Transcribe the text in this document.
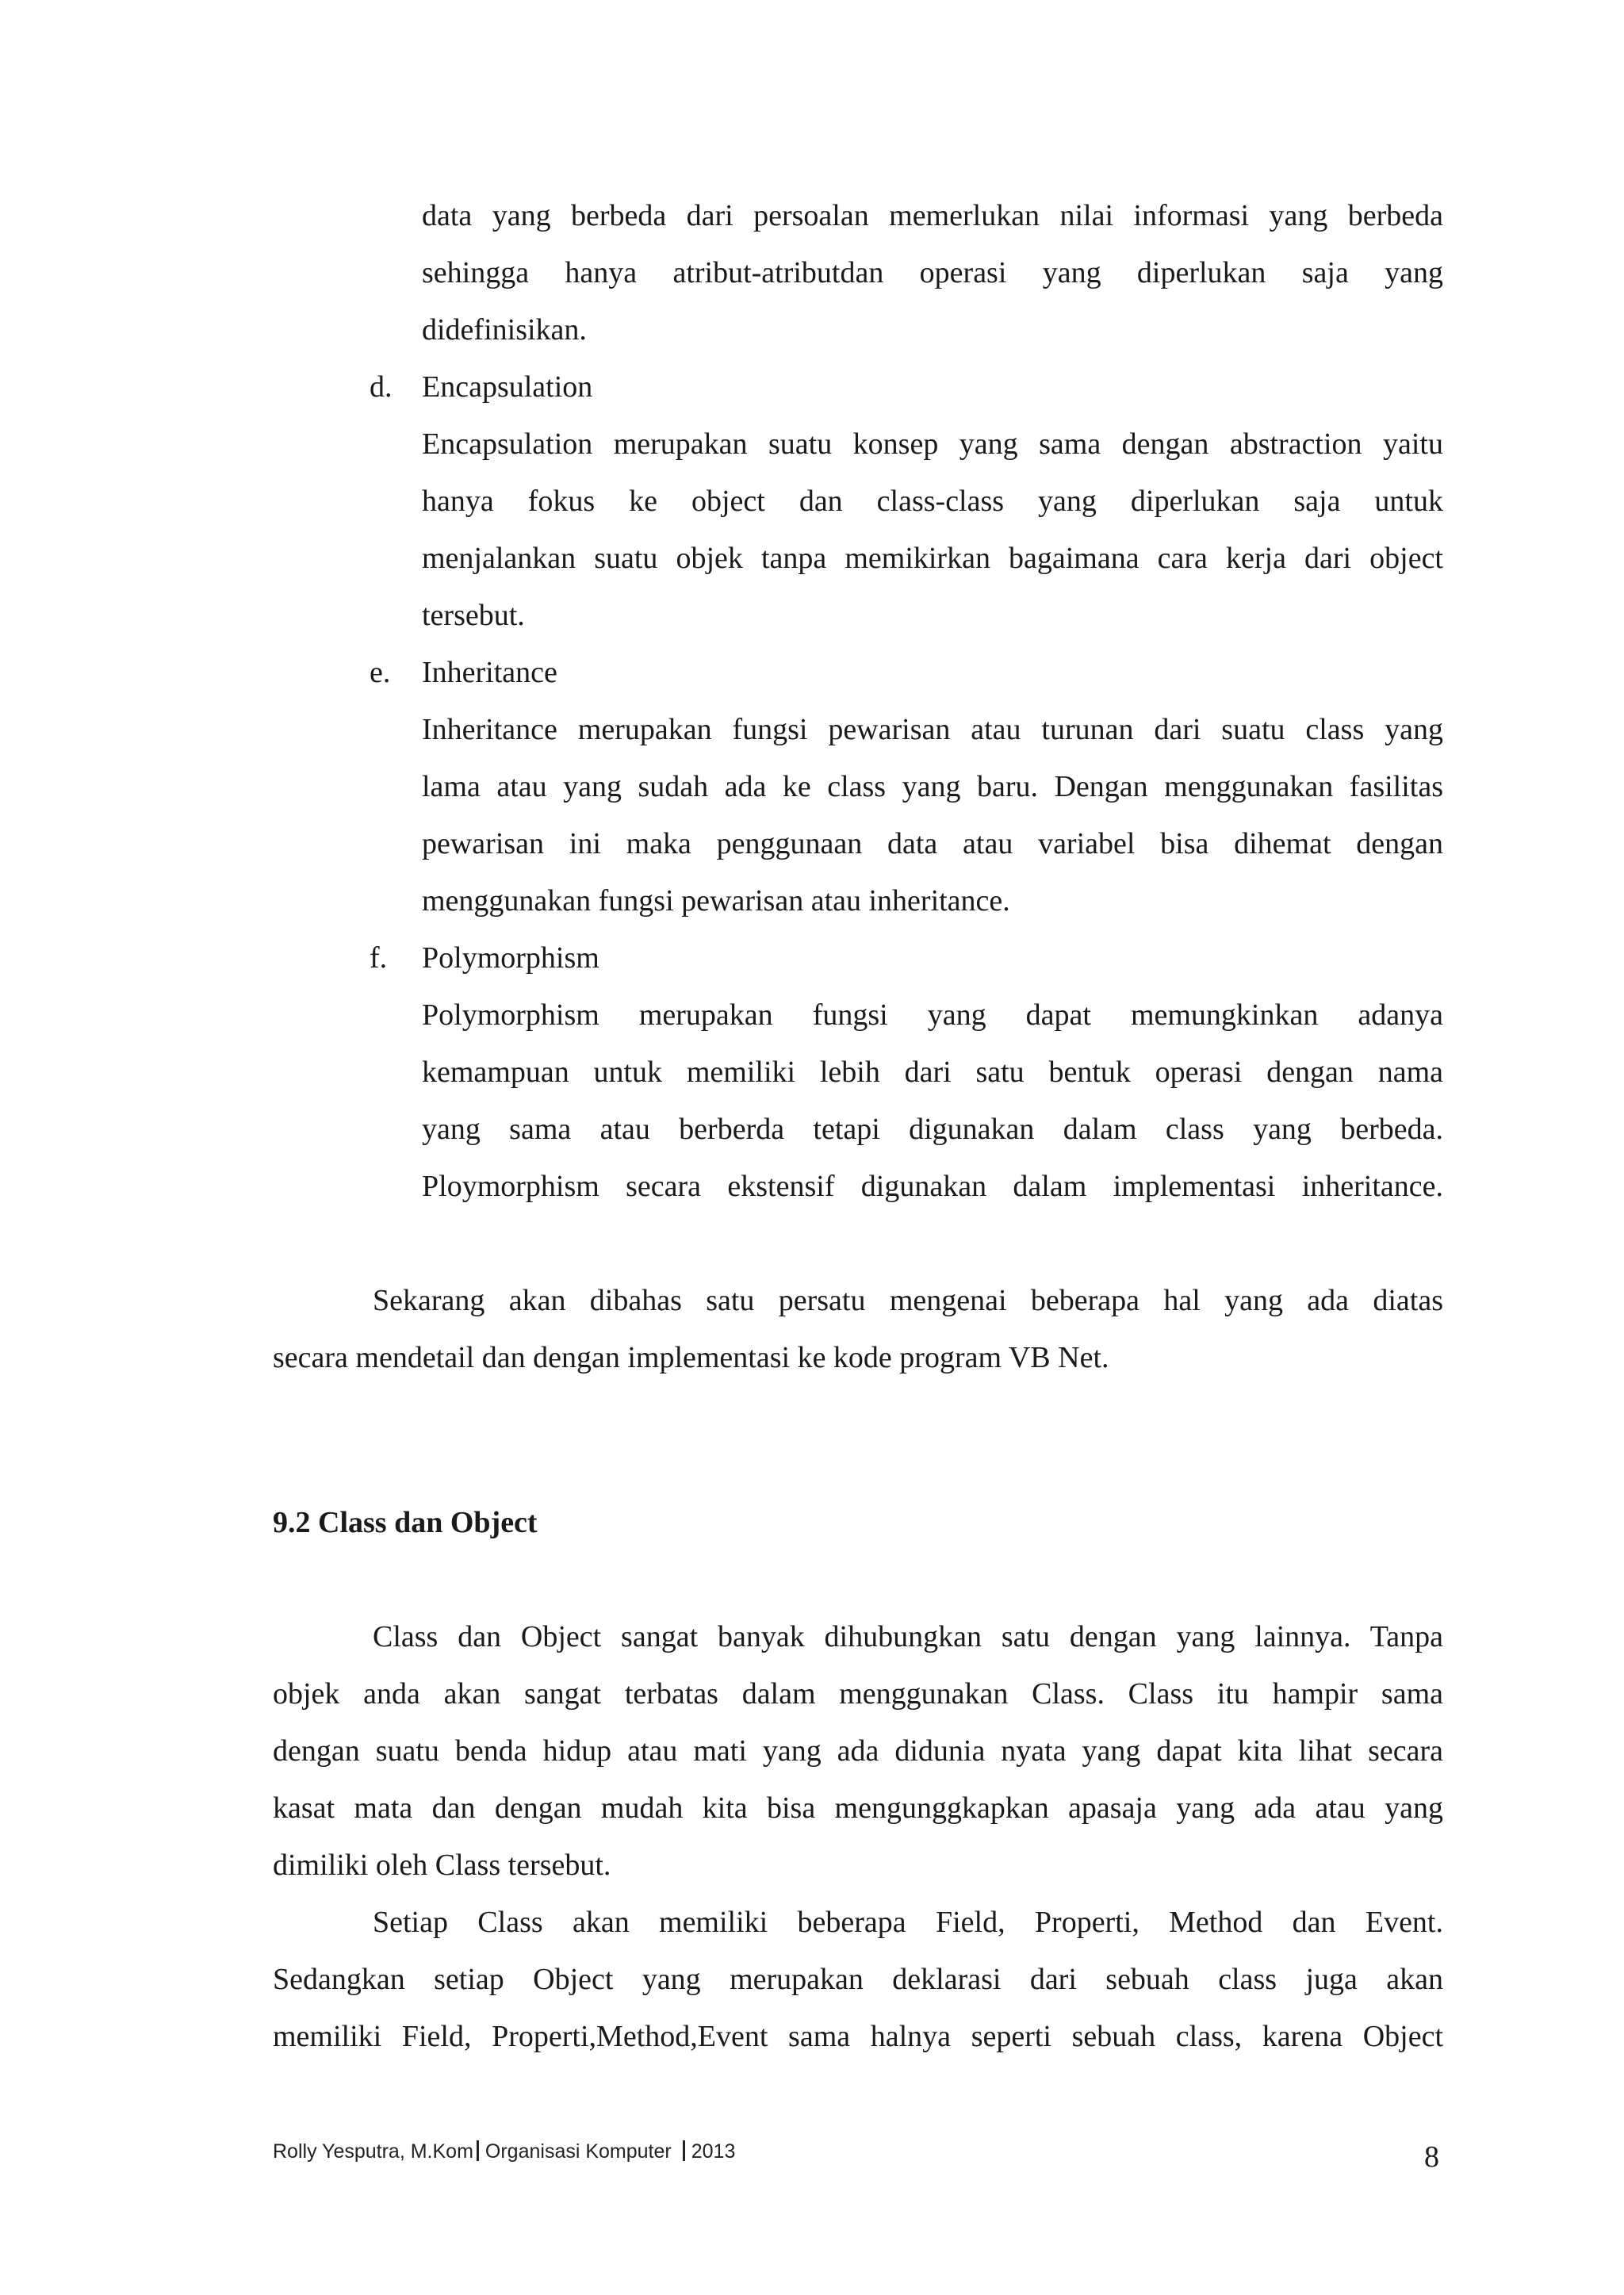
data yang berbeda dari persoalan memerlukan nilai informasi yang berbeda
sehingga hanya atribut-atributdan operasi yang diperlukan saja yang
didefinisikan.
d. Encapsulation
Encapsulation merupakan suatu konsep yang sama dengan abstraction yaitu
hanya fokus ke object dan class-class yang diperlukan saja untuk
menjalankan suatu objek tanpa memikirkan bagaimana cara kerja dari object
tersebut.
e. Inheritance
Inheritance merupakan fungsi pewarisan atau turunan dari suatu class yang
lama atau yang sudah ada ke class yang baru. Dengan menggunakan fasilitas
pewarisan ini maka penggunaan data atau variabel bisa dihemat dengan
menggunakan fungsi pewarisan atau inheritance.
f. Polymorphism
Polymorphism merupakan fungsi yang dapat memungkinkan adanya
kemampuan untuk memiliki lebih dari satu bentuk operasi dengan nama
yang sama atau berberda tetapi digunakan dalam class yang berbeda.
Ploymorphism secara ekstensif digunakan dalam implementasi inheritance.
Sekarang akan dibahas satu persatu mengenai beberapa hal yang ada diatas
secara mendetail dan dengan implementasi ke kode program VB Net.
9.2 Class dan Object
Class dan Object sangat banyak dihubungkan satu dengan yang lainnya. Tanpa
objek anda akan sangat terbatas dalam menggunakan Class. Class itu hampir sama
dengan suatu benda hidup atau mati yang ada didunia nyata yang dapat kita lihat secara
kasat mata dan dengan mudah kita bisa mengunggkapkan apasaja yang ada atau yang
dimiliki oleh Class tersebut.
Setiap Class akan memiliki beberapa Field, Properti, Method dan Event.
Sedangkan setiap Object yang merupakan deklarasi dari sebuah class juga akan
memiliki Field, Properti,Method,Event sama halnya seperti sebuah class, karena Object
Rolly Yesputra, M.Kom Organisasi Komputer 2013	8
